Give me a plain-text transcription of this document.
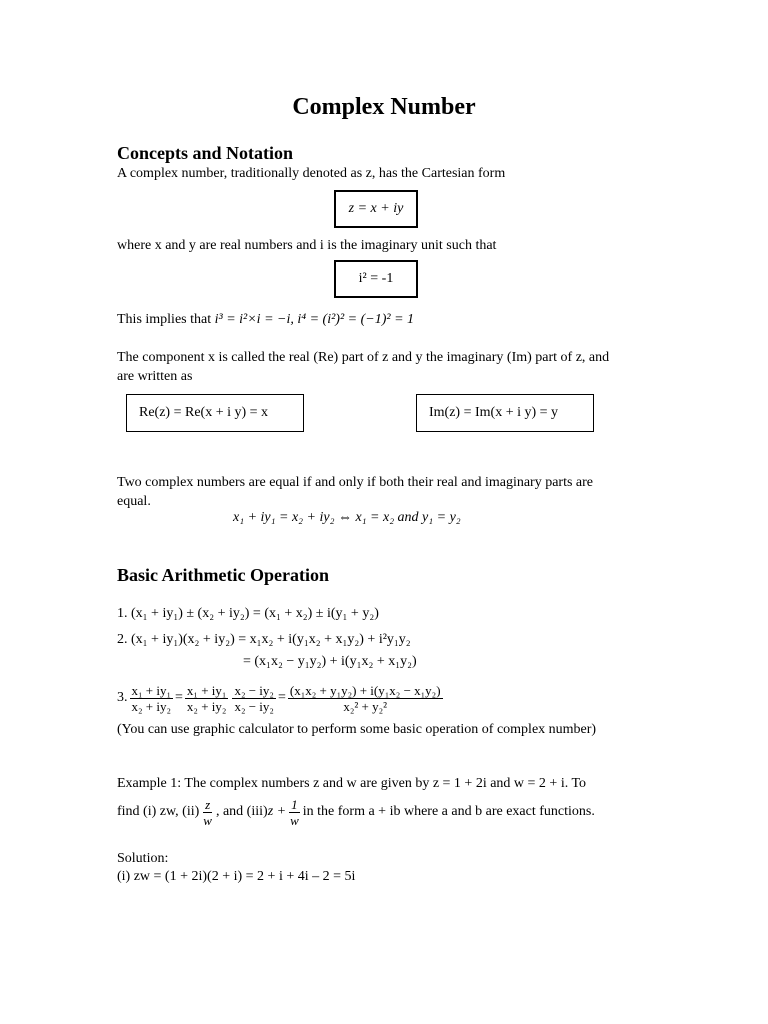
Complex Number
Concepts and Notation
A complex number, traditionally denoted as z, has the Cartesian form
z = x + iy
where x and y are real numbers and i is the imaginary unit such that
i² = -1
This implies that i³ = i²×i = −i, i⁴ = (i²)² = (−1)² = 1
The component x is called the real (Re) part of z and y the imaginary (Im) part of z, and
are written as
Re(z) = Re(x + i y) = x	Im(z) = Im(x + i y) = y
Two complex numbers are equal if and only if both their real and imaginary parts are
equal.
x₁ + iy₁ = x₂ + iy₂ ⇔ x₁ = x₂ and y₁ = y₂
Basic Arithmetic Operation
1. (x₁ + iy₁) ± (x₂ + iy₂) = (x₁ + x₂) ± i(y₁ + y₂)
2. (x₁ + iy₁)(x₂ + iy₂) = x₁x₂ + i(y₁x₂ + x₁y₂) + i²y₁y₂
= (x₁x₂ − y₁y₂) + i(y₁x₂ + x₁y₂)
3. $\frac{\text{x₁ + iy₁}}{\text{x₂ + iy₂}} = \frac{\text{x₁ + iy₁}}{\text{x₂ + iy₂}} \frac{\text{x₂ − iy₂}}{\text{x₂ − iy₂}} = \frac{\text{(x₁x₂ + y₁y₂) + i(y₁x₂ − x₁y₂)}}{\text{x₂² + y₂²}}$
(You can use graphic calculator to perform some basic operation of complex number)
Example 1: The complex numbers z and w are given by z = 1 + 2i and w = 2 + i. To
find (i) zw, $(ii) \frac{z}{w}$ , and (iii) $z + \frac{1}{w}$ in the form a + ib where a and b are exact functions.
Solution:
(i) zw = (1 + 2i)(2 + i) = 2 + i + 4i – 2 = 5i
